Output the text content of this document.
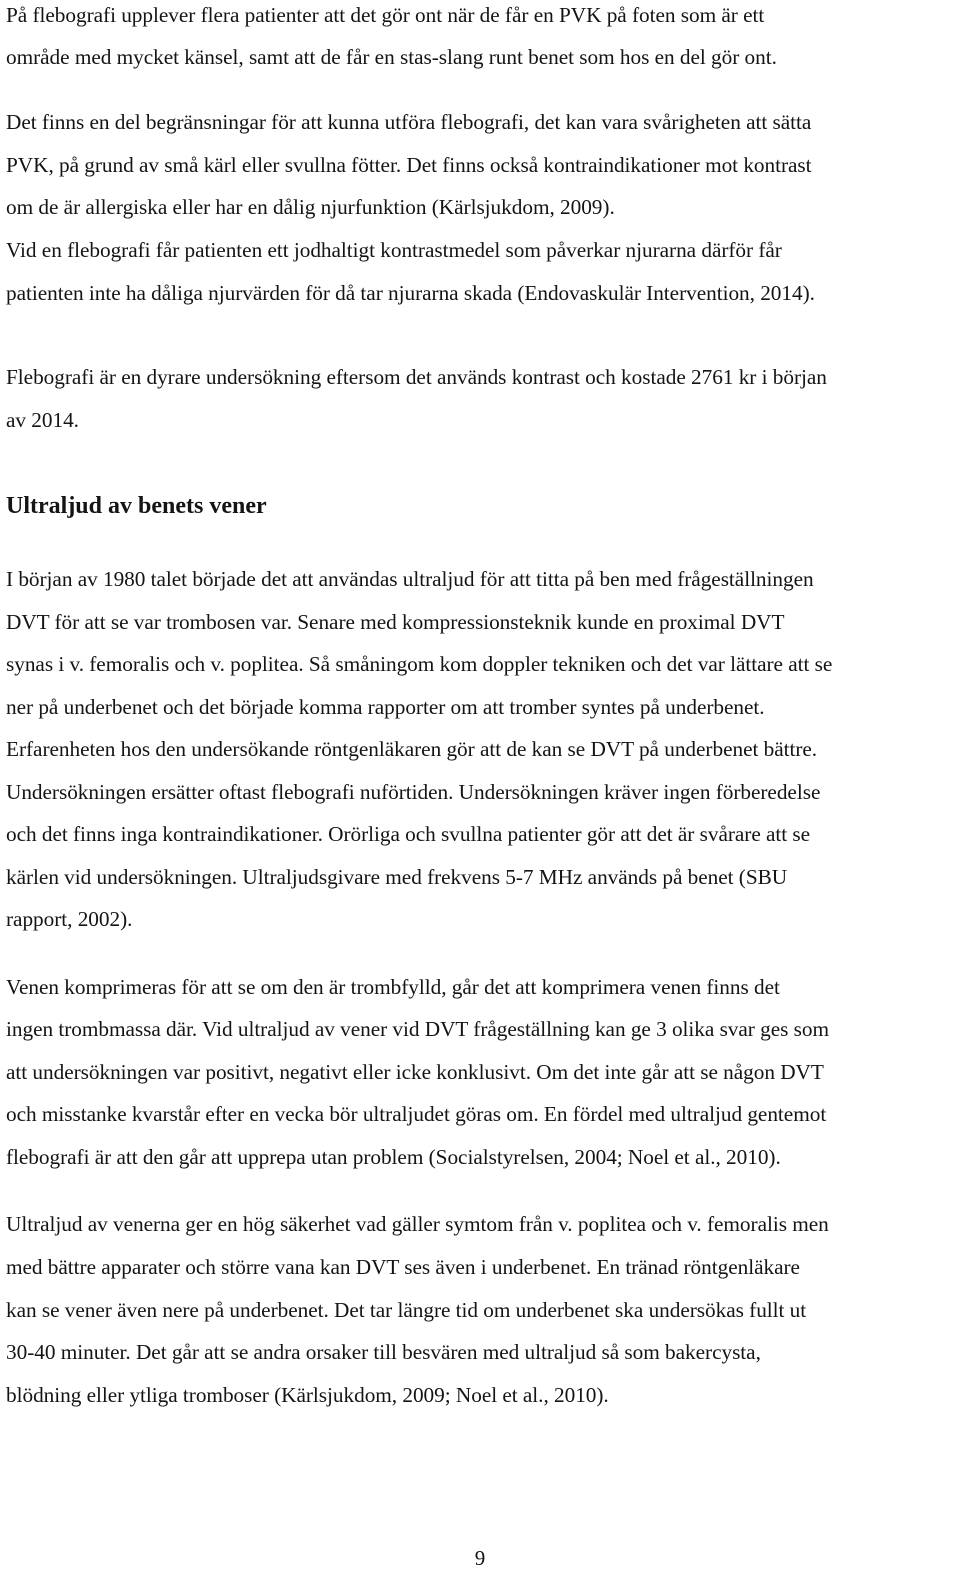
På flebografi upplever flera patienter att det gör ont när de får en PVK på foten som är ett
område med mycket känsel, samt att de får en stas-slang runt benet som hos en del gör ont.
Det finns en del begränsningar för att kunna utföra flebografi, det kan vara svårigheten att sätta
PVK, på grund av små kärl eller svullna fötter. Det finns också kontraindikationer mot kontrast
om de är allergiska eller har en dålig njurfunktion (Kärlsjukdom, 2009).
Vid en flebografi får patienten ett jodhaltigt kontrastmedel som påverkar njurarna därför får
patienten inte ha dåliga njurvärden för då tar njurarna skada (Endovaskulär Intervention, 2014).
Flebografi är en dyrare undersökning eftersom det används kontrast och kostade 2761 kr i början
av 2014.
Ultraljud av benets vener
I början av 1980 talet började det att användas ultraljud för att titta på ben med frågeställningen
DVT för att se var trombosen var. Senare med kompressionsteknik kunde en proximal DVT
synas i v. femoralis och v. poplitea. Så småningom kom doppler tekniken och det var lättare att se
ner på underbenet och det började komma rapporter om att tromber syntes på underbenet.
Erfarenheten hos den undersökande röntgenläkaren gör att de kan se DVT på underbenet bättre.
Undersökningen ersätter oftast flebografi nuförtiden. Undersökningen kräver ingen förberedelse
och det finns inga kontraindikationer. Orörliga och svullna patienter gör att det är svårare att se
kärlen vid undersökningen. Ultraljudsgivare med frekvens 5-7 MHz används på benet (SBU
rapport, 2002).
Venen komprimeras för att se om den är trombfylld, går det att komprimera venen finns det
ingen trombmassa där. Vid ultraljud av vener vid DVT frågeställning kan ge 3 olika svar ges som
att undersökningen var positivt, negativt eller icke konklusivt. Om det inte går att se någon DVT
och misstanke kvarstår efter en vecka bör ultraljudet göras om. En fördel med ultraljud gentemot
flebografi är att den går att upprepa utan problem (Socialstyrelsen, 2004; Noel et al., 2010).
Ultraljud av venerna ger en hög säkerhet vad gäller symtom från v. poplitea och v. femoralis men
med bättre apparater och större vana kan DVT ses även i underbenet. En tränad röntgenläkare
kan se vener även nere på underbenet. Det tar längre tid om underbenet ska undersökas fullt ut
30-40 minuter. Det går att se andra orsaker till besvären med ultraljud så som bakercysta,
blödning eller ytliga tromboser (Kärlsjukdom, 2009; Noel et al., 2010).
9
